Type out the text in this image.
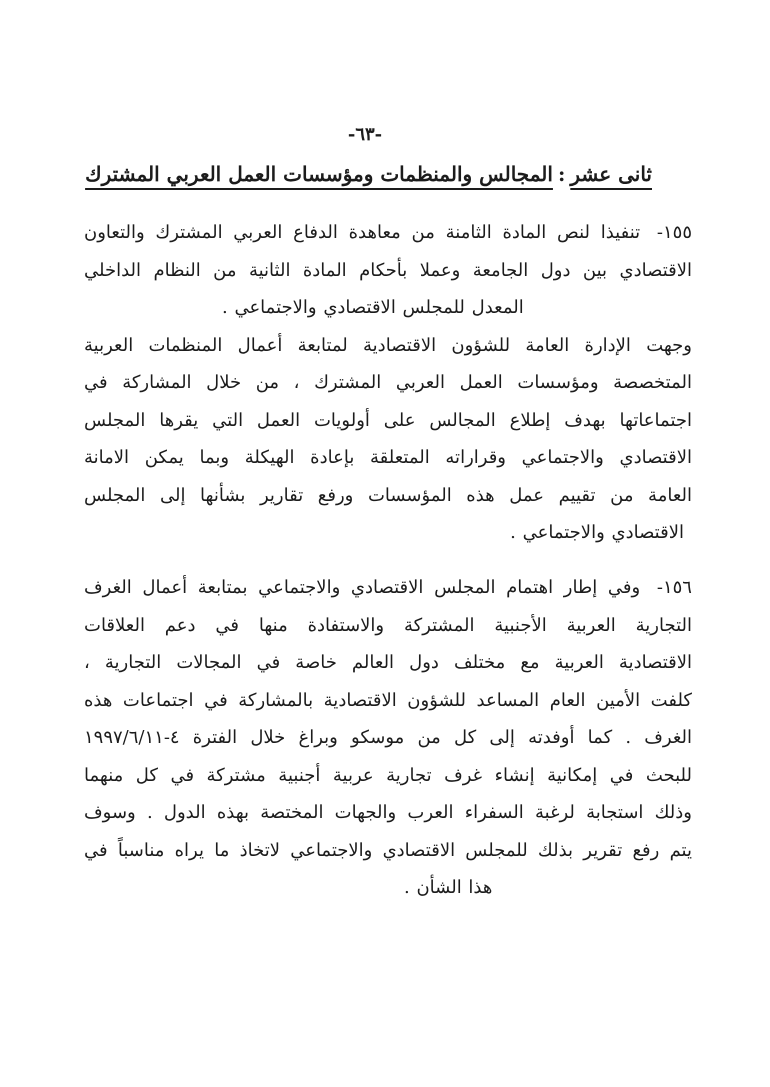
-٦٣-
ثانى عشر:المجالس والمنظمات ومؤسسات العمل العربي المشترك
١٥٥- تنفيذا لنص المادة الثامنة من معاهدة الدفاع العربي المشترك والتعاون
الاقتصادي بين دول الجامعة وعملا بأحكام المادة الثانية من النظام الداخلي
المعدل للمجلس الاقتصادي والاجتماعي .
وجهت الإدارة العامة للشؤون الاقتصادية لمتابعة أعمال المنظمات العربية
المتخصصة ومؤسسات العمل العربي المشترك ، من خلال المشاركة في
اجتماعاتها بهدف إطلاع المجالس على أولويات العمل التي يقرها المجلس
الاقتصادي والاجتماعي وقراراته المتعلقة بإعادة الهيكلة وبما يمكن الامانة
العامة من تقييم عمل هذه المؤسسات ورفع تقارير بشأنها إلى المجلس
الاقتصادي والاجتماعي .
١٥٦- وفي إطار اهتمام المجلس الاقتصادي والاجتماعي بمتابعة أعمال الغرف
التجارية العربية الأجنبية المشتركة والاستفادة منها في دعم العلاقات
الاقتصادية العربية مع مختلف دول العالم خاصة في المجالات التجارية ،
كلفت الأمين العام المساعد للشؤون الاقتصادية بالمشاركة في اجتماعات هذه
الغرف . كما أوفدته إلى كل من موسكو وبراغ خلال الفترة ٤-١٩٩٧/٦/١١
للبحث في إمكانية إنشاء غرف تجارية عربية أجنبية مشتركة في كل منهما
وذلك استجابة لرغبة السفراء العرب والجهات المختصة بهذه الدول . وسوف
يتم رفع تقرير بذلك للمجلس الاقتصادي والاجتماعي لاتخاذ ما يراه مناسباً في
هذا الشأن .
